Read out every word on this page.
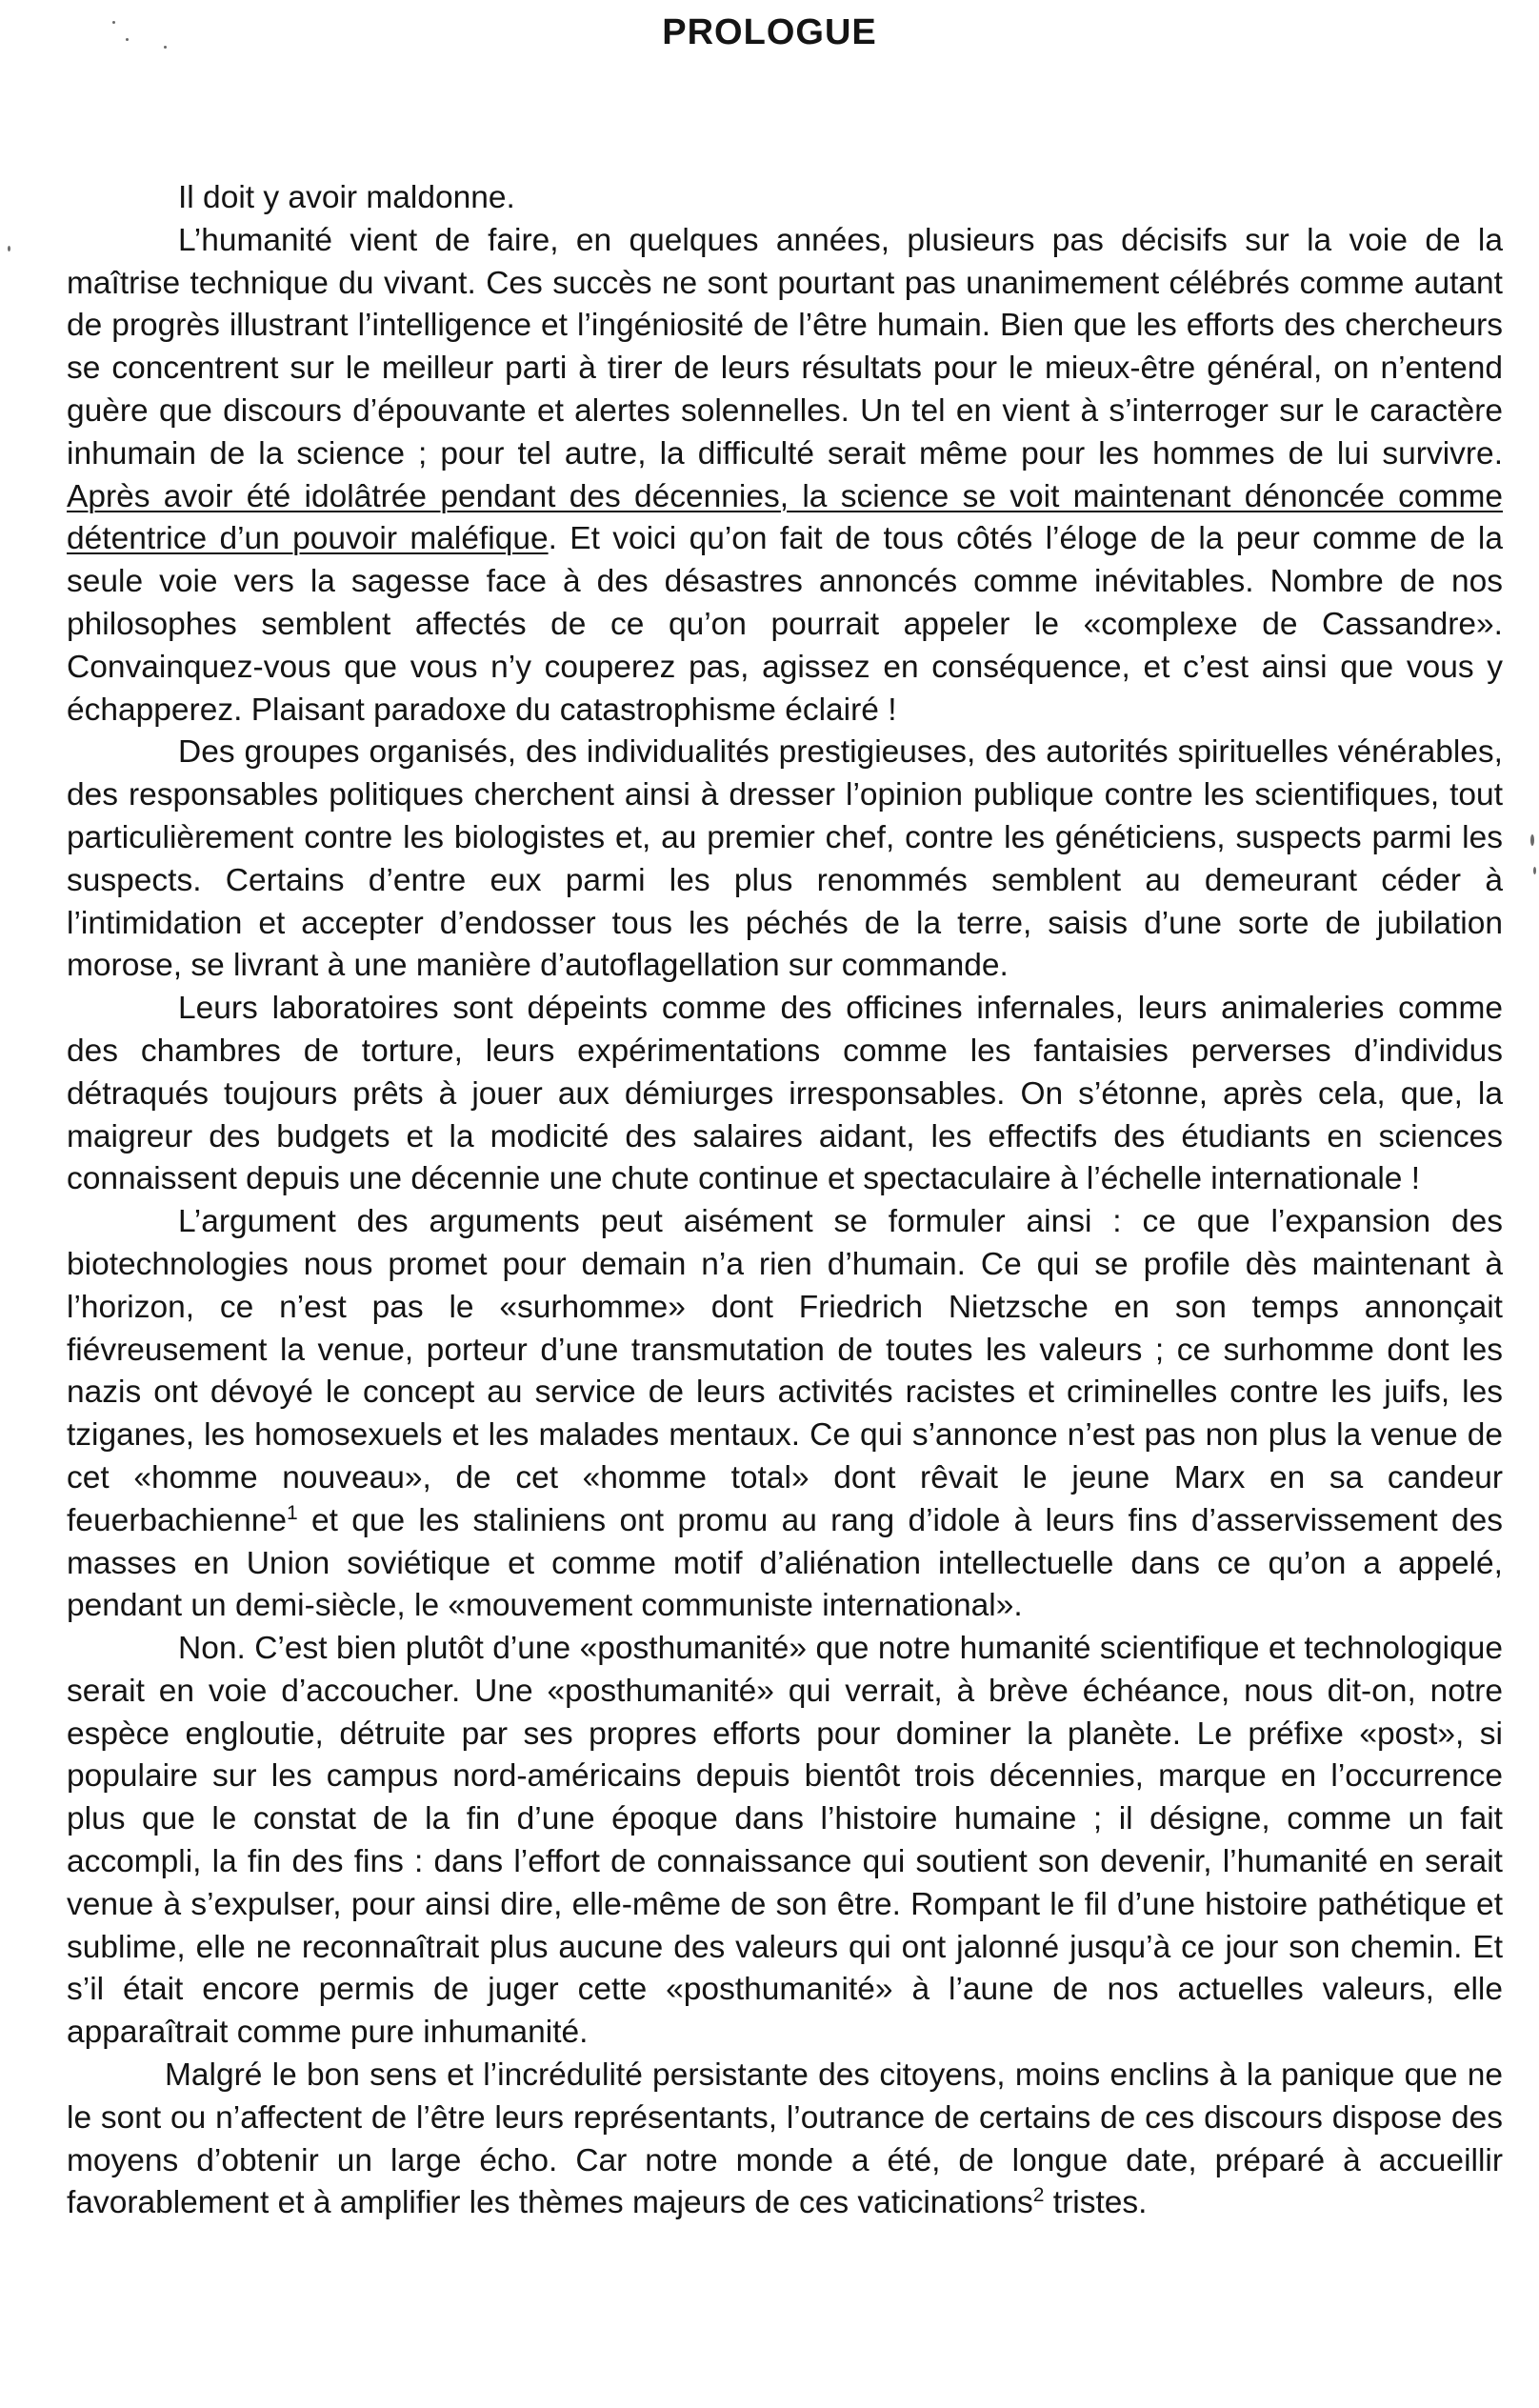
PROLOGUE

Il doit y avoir maldonne.

L’humanité vient de faire, en quelques années, plusieurs pas décisifs sur la voie de la maîtrise technique du vivant. Ces succès ne sont pourtant pas unanimement célébrés comme autant de progrès illustrant l’intelligence et l’ingéniosité de l’être humain. Bien que les efforts des chercheurs se concentrent sur le meilleur parti à tirer de leurs résultats pour le mieux-être général, on n’entend guère que discours d’épouvante et alertes solennelles. Un tel en vient à s’interroger sur le caractère inhumain de la science ; pour tel autre, la difficulté serait même pour les hommes de lui survivre. Après avoir été idolâtrée pendant des décennies, la science se voit maintenant dénoncée comme détentrice d’un pouvoir maléfique. Et voici qu’on fait de tous côtés l’éloge de la peur comme de la seule voie vers la sagesse face à des désastres annoncés comme inévitables. Nombre de nos philosophes semblent affectés de ce qu’on pourrait appeler le «complexe de Cassandre». Convainquez-vous que vous n’y couperez pas, agissez en conséquence, et c’est ainsi que vous y échapperez. Plaisant paradoxe du catastrophisme éclairé !

Des groupes organisés, des individualités prestigieuses, des autorités spirituelles vénérables, des responsables politiques cherchent ainsi à dresser l’opinion publique contre les scientifiques, tout particulièrement contre les biologistes et, au premier chef, contre les généticiens, suspects parmi les suspects. Certains d’entre eux parmi les plus renommés semblent au demeurant céder à l’intimidation et accepter d’endosser tous les péchés de la terre, saisis d’une sorte de jubilation morose, se livrant à une manière d’autoflagellation sur commande.

Leurs laboratoires sont dépeints comme des officines infernales, leurs animaleries comme des chambres de torture, leurs expérimentations comme les fantaisies perverses d’individus détraqués toujours prêts à jouer aux démiurges irresponsables. On s’étonne, après cela, que, la maigreur des budgets et la modicité des salaires aidant, les effectifs des étudiants en sciences connaissent depuis une décennie une chute continue et spectaculaire à l’échelle internationale !

L’argument des arguments peut aisément se formuler ainsi : ce que l’expansion des biotechnologies nous promet pour demain n’a rien d’humain. Ce qui se profile dès maintenant à l’horizon, ce n’est pas le «surhomme» dont Friedrich Nietzsche en son temps annonçait fiévreusement la venue, porteur d’une transmutation de toutes les valeurs ; ce surhomme dont les nazis ont dévoyé le concept au service de leurs activités racistes et criminelles contre les juifs, les tziganes, les homosexuels et les malades mentaux. Ce qui s’annonce n’est pas non plus la venue de cet «homme nouveau», de cet «homme total» dont rêvait le jeune Marx en sa candeur feuerbachienne$^1$ et que les staliniens ont promu au rang d’idole à leurs fins d’asservissement des masses en Union soviétique et comme motif d’aliénation intellectuelle dans ce qu’on a appelé, pendant un demi-siècle, le «mouvement communiste international».

Non. C’est bien plutôt d’une «posthumanité» que notre humanité scientifique et technologique serait en voie d’accoucher. Une «posthumanité» qui verrait, à brève échéance, nous dit-on, notre espèce engloutie, détruite par ses propres efforts pour dominer la planète. Le préfixe «post», si populaire sur les campus nord-américains depuis bientôt trois décennies, marque en l’occurrence plus que le constat de la fin d’une époque dans l’histoire humaine ; il désigne, comme un fait accompli, la fin des fins : dans l’effort de connaissance qui soutient son devenir, l’humanité en serait venue à s’expulser, pour ainsi dire, elle-même de son être. Rompant le fil d’une histoire pathétique et sublime, elle ne reconnaîtrait plus aucune des valeurs qui ont jalonné jusqu’à ce jour son chemin. Et s’il était encore permis de juger cette «posthumanité» à l’aune de nos actuelles valeurs, elle apparaîtrait comme pure inhumanité.

Malgré le bon sens et l’incrédulité persistante des citoyens, moins enclins à la panique que ne le sont ou n’affectent de l’être leurs représentants, l’outrance de certains de ces discours dispose des moyens d’obtenir un large écho. Car notre monde a été, de longue date, préparé à accueillir favorablement et à amplifier les thèmes majeurs de ces vaticinations$^2$ tristes.
